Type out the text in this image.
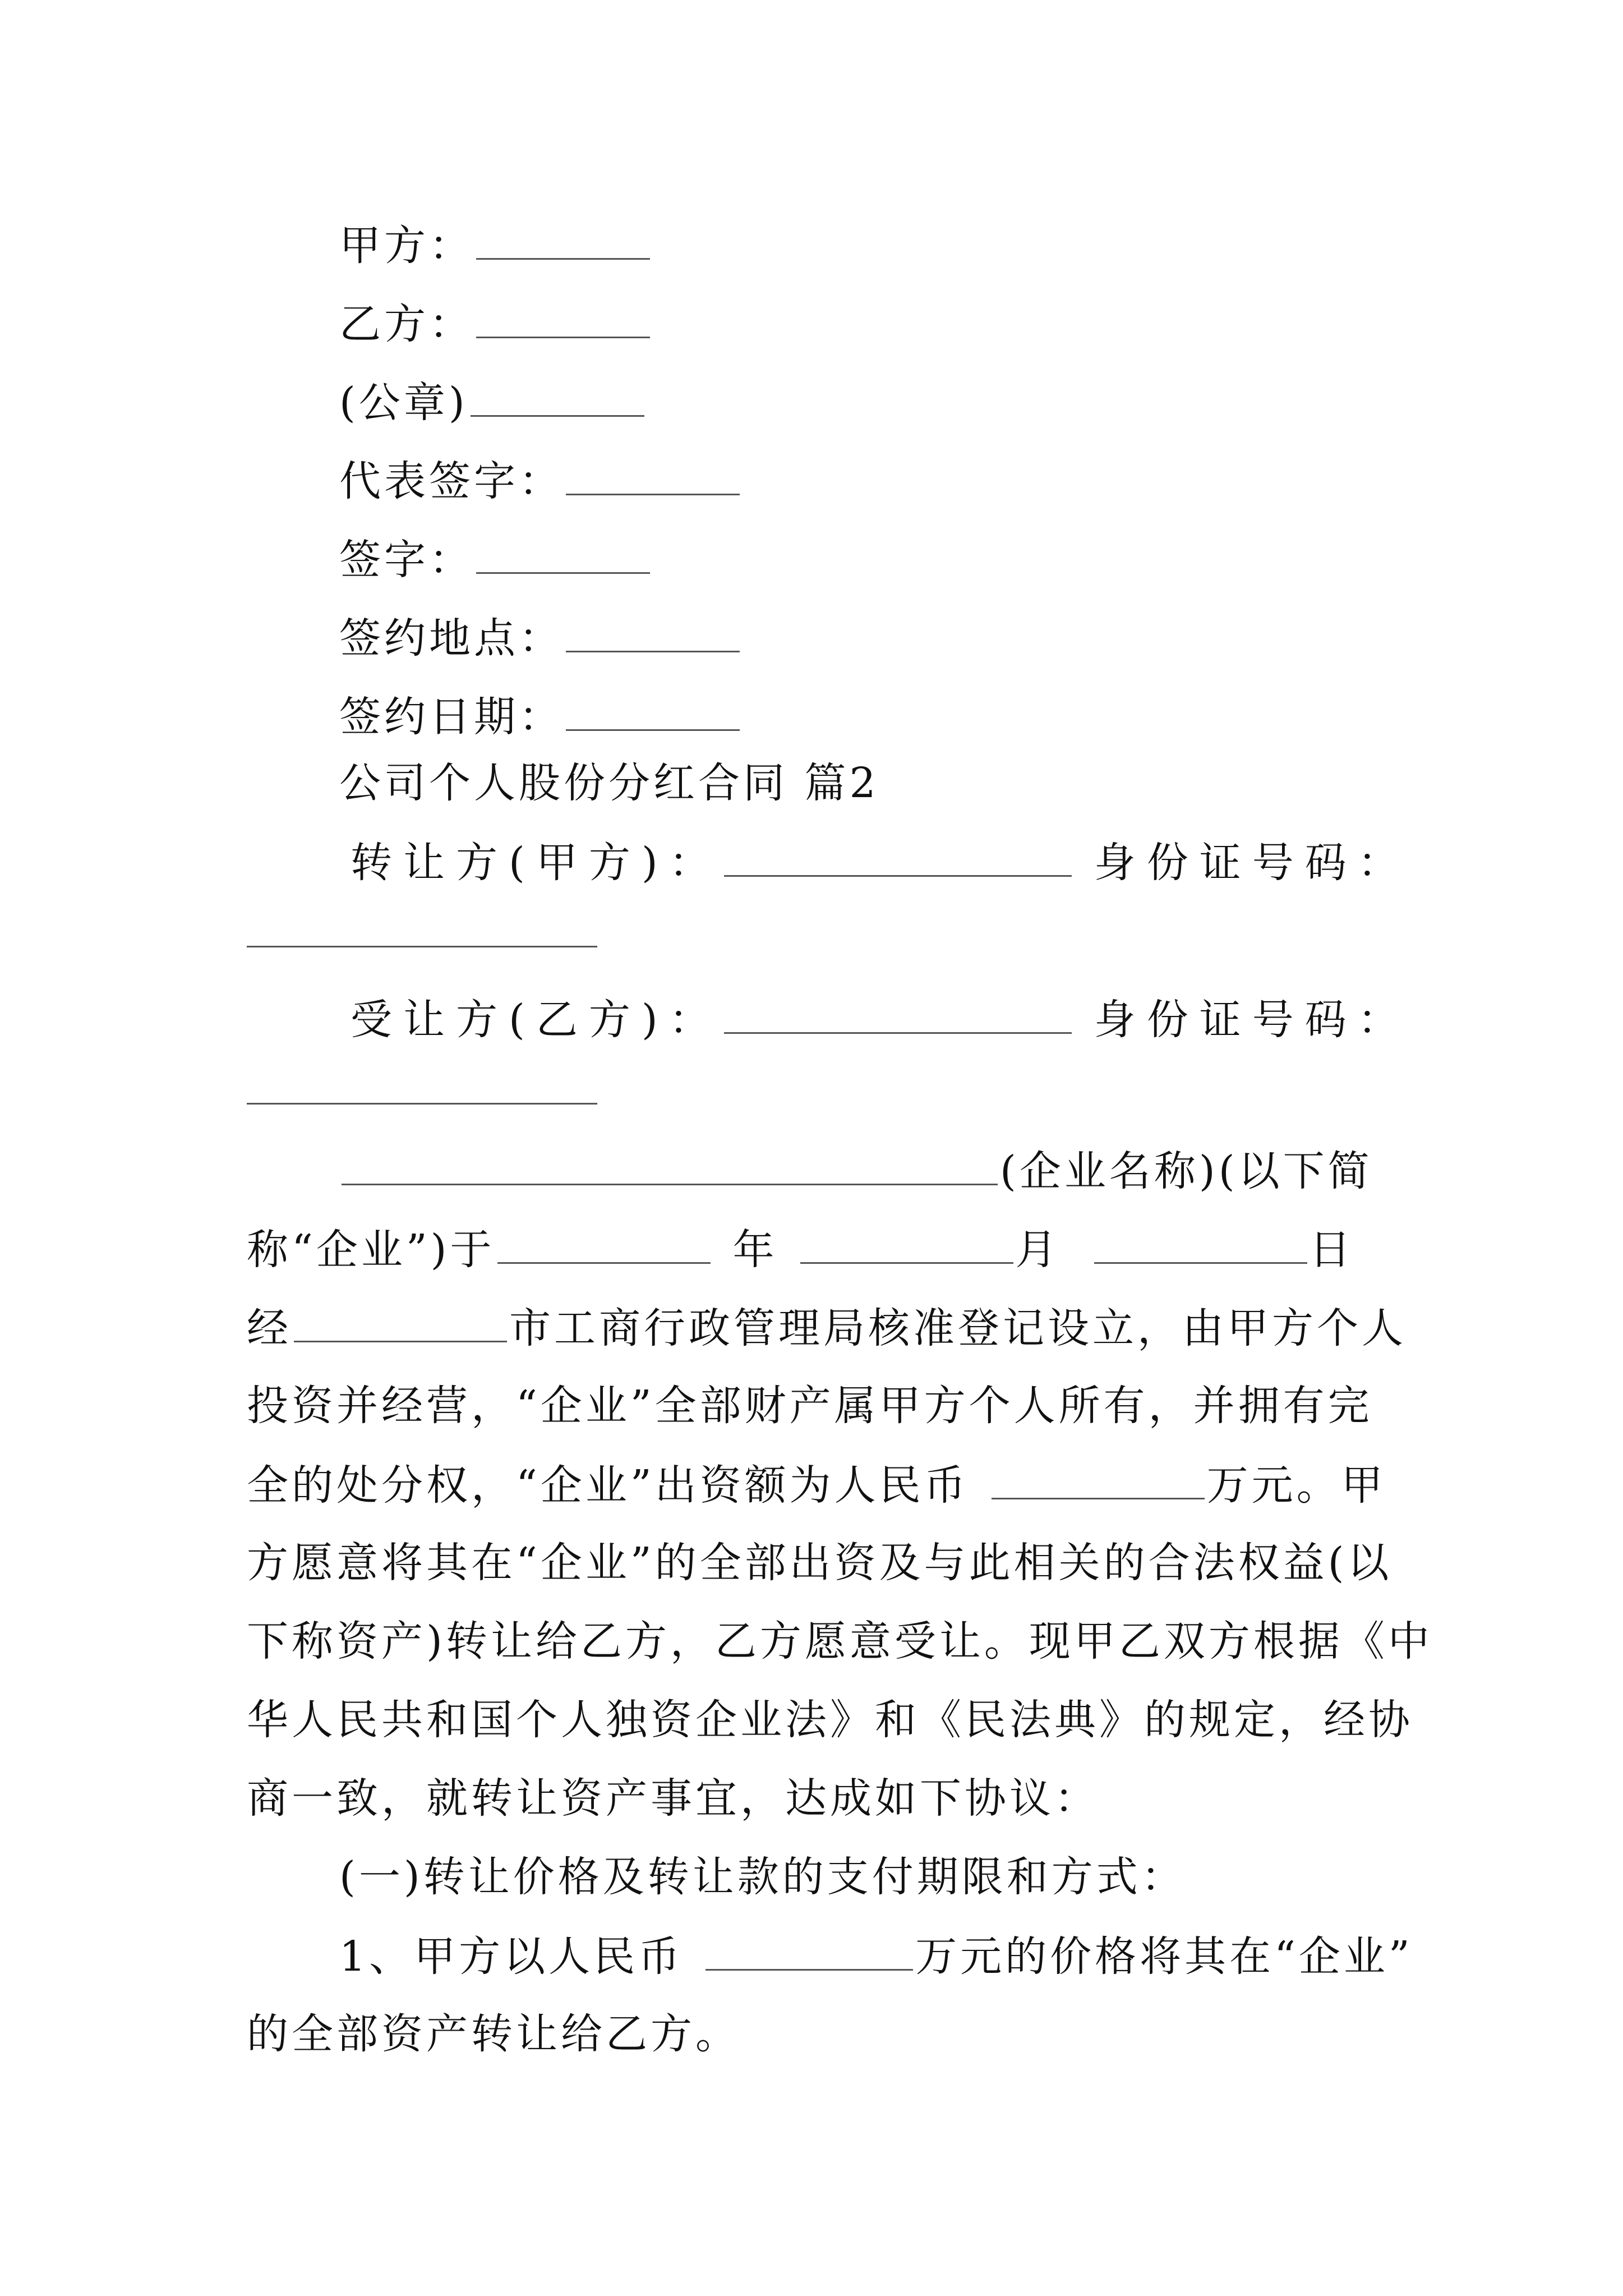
甲方：
乙方：
(公章)
代表签字：
签字：
签约地点：
签约日期：
公司个人股份分红合同 篇2
转让方(甲方)：	身份证号码：
受让方(乙方)：	身份证号码：
(企业名称)(以下简
称“企业”)于	年	月	日
经	市工商行政管理局核准登记设立，由甲方个人
投资并经营，“企业”全部财产属甲方个人所有，并拥有完
全的处分权，“企业”出资额为人民币	万元。甲
方愿意将其在“企业”的全部出资及与此相关的合法权益(以
下称资产)转让给乙方，乙方愿意受让。现甲乙双方根据《中
华人民共和国个人独资企业法》和《民法典》的规定，经协
商一致，就转让资产事宜，达成如下协议：
(一)转让价格及转让款的支付期限和方式：
1、甲方以人民币	万元的价格将其在“企业”
的全部资产转让给乙方。
